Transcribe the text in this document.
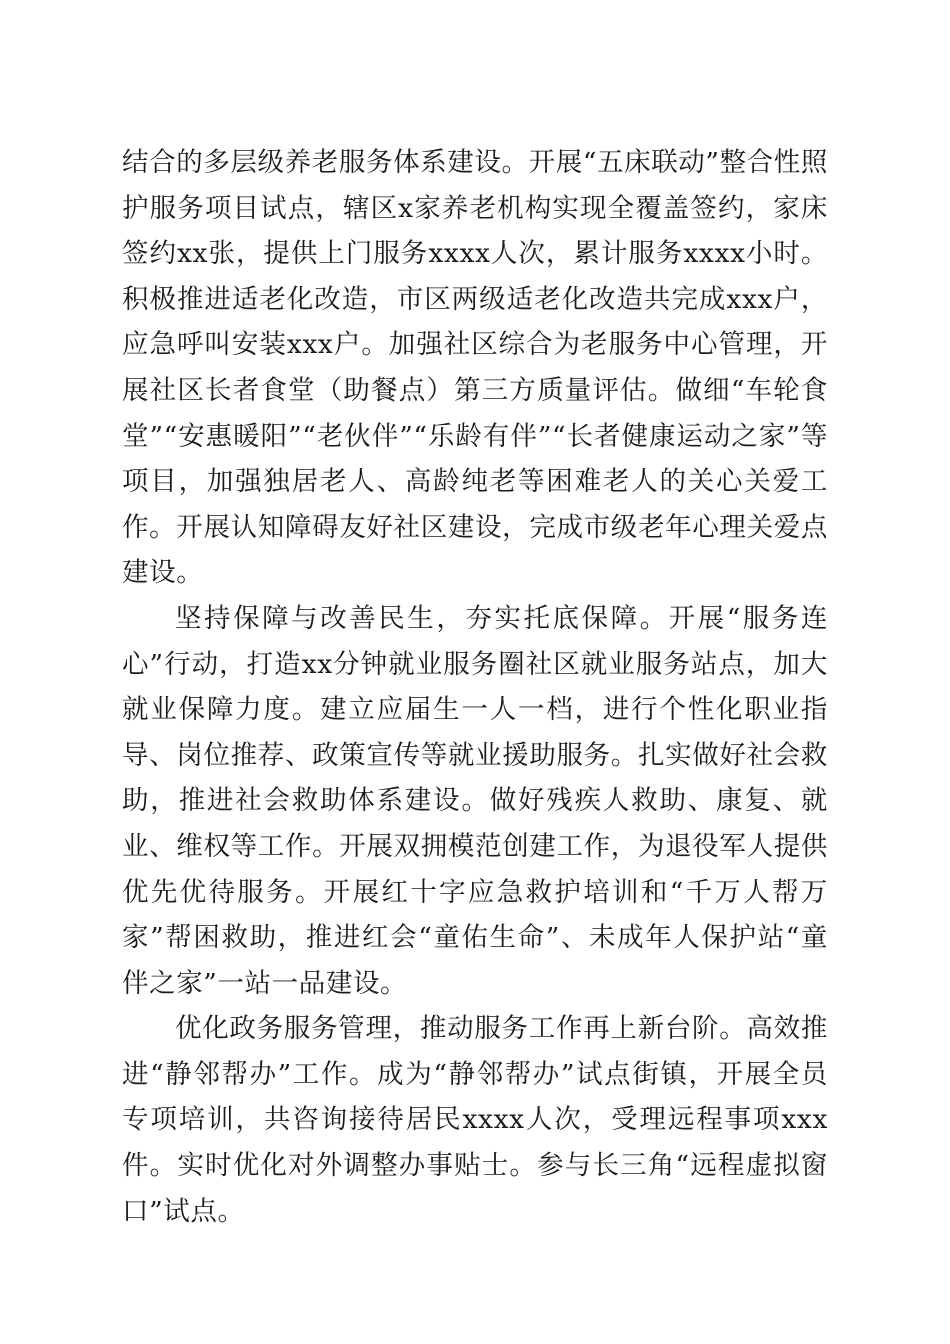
结合的多层级养老服务体系建设。开展“五床联动”整合性照护服务项目试点，辖区x家养老机构实现全覆盖签约，家床签约xx张，提供上门服务xxxx人次，累计服务xxxx小时。积极推进适老化改造，市区两级适老化改造共完成xxx户，应急呼叫安装xxx户。加强社区综合为老服务中心管理，开展社区长者食堂（助餐点）第三方质量评估。做细“车轮食堂”“安惠暖阳”“老伙伴”“乐龄有伴”“长者健康运动之家”等项目，加强独居老人、高龄纯老等困难老人的关心关爱工作。开展认知障碍友好社区建设，完成市级老年心理关爱点建设。

坚持保障与改善民生，夯实托底保障。开展“服务连心”行动，打造xx分钟就业服务圈社区就业服务站点，加大就业保障力度。建立应届生一人一档，进行个性化职业指导、岗位推荐、政策宣传等就业援助服务。扎实做好社会救助，推进社会救助体系建设。做好残疾人救助、康复、就业、维权等工作。开展双拥模范创建工作，为退役军人提供优先优待服务。开展红十字应急救护培训和“千万人帮万家”帮困救助，推进红会“童佑生命”、未成年人保护站“童伴之家”一站一品建设。

优化政务服务管理，推动服务工作再上新台阶。高效推进“静邻帮办”工作。成为“静邻帮办”试点街镇，开展全员专项培训，共咨询接待居民xxxx人次，受理远程事项xxx件。实时优化对外调整办事贴士。参与长三角“远程虚拟窗口”试点。
